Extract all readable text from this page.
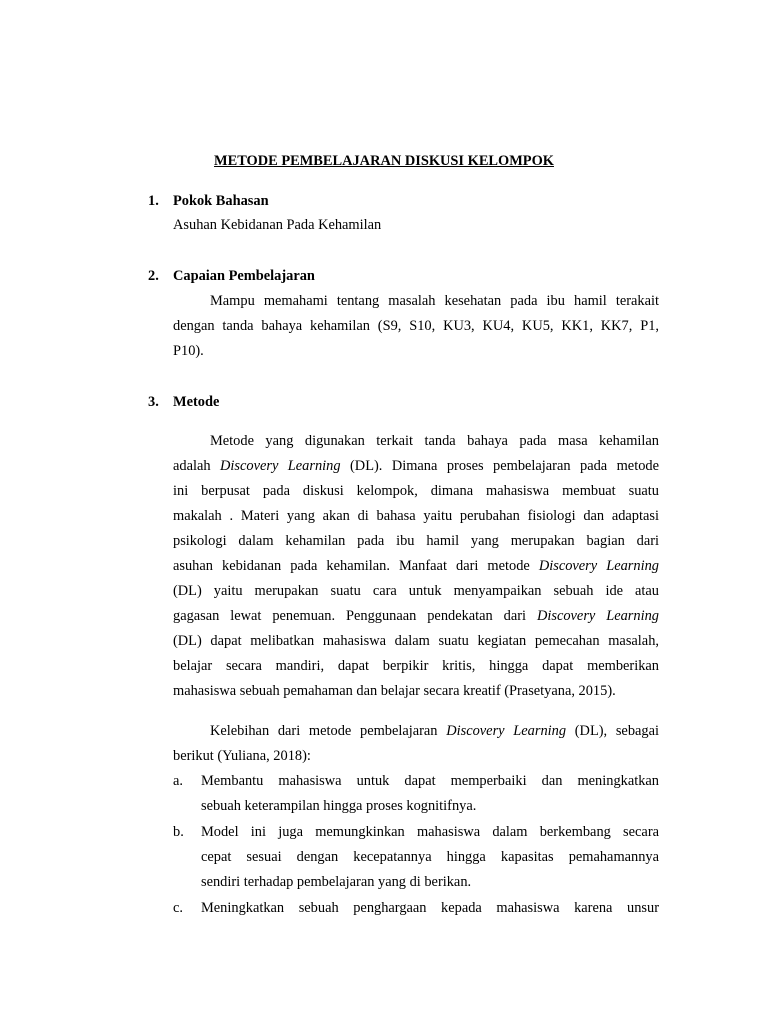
METODE PEMBELAJARAN DISKUSI KELOMPOK
1. Pokok Bahasan
Asuhan Kebidanan Pada Kehamilan
2. Capaian Pembelajaran
Mampu memahami tentang masalah kesehatan pada ibu hamil terakait
dengan tanda bahaya kehamilan (S9, S10, KU3, KU4, KU5, KK1, KK7, P1,
P10).
3. Metode
Metode yang digunakan terkait tanda bahaya pada masa kehamilan
adalah Discovery Learning (DL). Dimana proses pembelajaran pada metode
ini berpusat pada diskusi kelompok, dimana mahasiswa membuat suatu
makalah . Materi yang akan di bahasa yaitu perubahan fisiologi dan adaptasi
psikologi dalam kehamilan pada ibu hamil yang merupakan bagian dari
asuhan kebidanan pada kehamilan. Manfaat dari metode Discovery Learning
(DL) yaitu merupakan suatu cara untuk menyampaikan sebuah ide atau
gagasan lewat penemuan. Penggunaan pendekatan dari Discovery Learning
(DL) dapat melibatkan mahasiswa dalam suatu kegiatan pemecahan masalah,
belajar secara mandiri, dapat berpikir kritis, hingga dapat memberikan
mahasiswa sebuah pemahaman dan belajar secara kreatif (Prasetyana, 2015).
Kelebihan dari metode pembelajaran Discovery Learning (DL), sebagai
berikut (Yuliana, 2018):
a. Membantu mahasiswa untuk dapat memperbaiki dan meningkatkan
sebuah keterampilan hingga proses kognitifnya.
b. Model ini juga memungkinkan mahasiswa dalam berkembang secara
cepat sesuai dengan kecepatannya hingga kapasitas pemahamannya
sendiri terhadap pembelajaran yang di berikan.
c. Meningkatkan sebuah penghargaan kepada mahasiswa karena unsur
